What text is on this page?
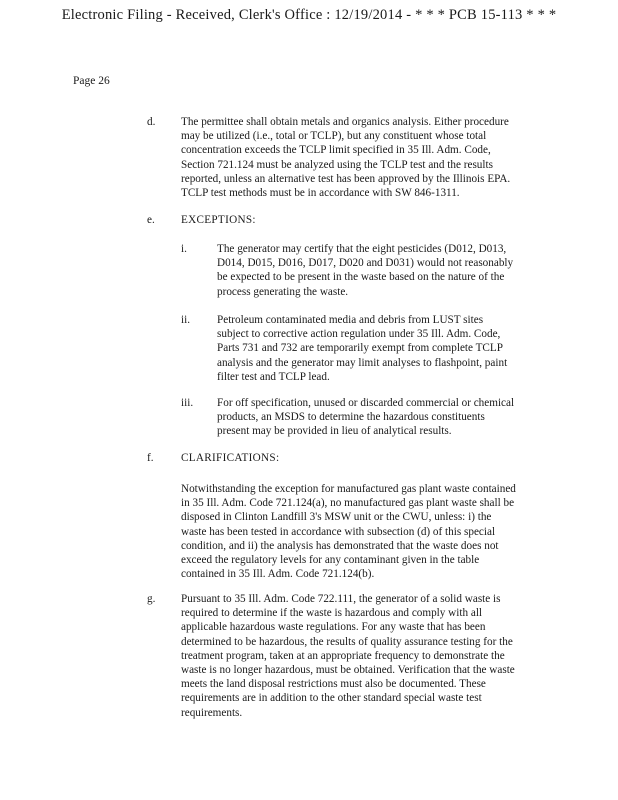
Electronic Filing - Received, Clerk's Office : 12/19/2014 - * * * PCB 15-113 * * *
Page 26
d. The permittee shall obtain metals and organics analysis. Either procedure may be utilized (i.e., total or TCLP), but any constituent whose total concentration exceeds the TCLP limit specified in 35 Ill. Adm. Code, Section 721.124 must be analyzed using the TCLP test and the results reported, unless an alternative test has been approved by the Illinois EPA. TCLP test methods must be in accordance with SW 846-1311.

e. EXCEPTIONS:
i.	The generator may certify that the eight pesticides (D012, D013, D014, D015, D016, D017, D020 and D031) would not reasonably be expected to be present in the waste based on the nature of the process generating the waste.

ii. Petroleum contaminated media and debris from LUST sites subject to corrective action regulation under 35 Ill. Adm. Code, Parts 731 and 732 are temporarily exempt from complete TCLP analysis and the generator may limit analyses to flashpoint, paint filter test and TCLP lead.

iii. For off specification, unused or discarded commercial or chemical products, an MSDS to determine the hazardous constituents present may be provided in lieu of analytical results.

f. CLARIFICATIONS:

Notwithstanding the exception for manufactured gas plant waste contained in 35 Ill. Adm. Code 721.124(a), no manufactured gas plant waste shall be disposed in Clinton Landfill 3's MSW unit or the CWU, unless: i) the waste has been tested in accordance with subsection (d) of this special condition, and ii) the analysis has demonstrated that the waste does not exceed the regulatory levels for any contaminant given in the table contained in 35 Ill. Adm. Code 721.124(b).

g. Pursuant to 35 Ill. Adm. Code 722.111, the generator of a solid waste is required to determine if the waste is hazardous and comply with all applicable hazardous waste regulations. For any waste that has been determined to be hazardous, the results of quality assurance testing for the treatment program, taken at an appropriate frequency to demonstrate the waste is no longer hazardous, must be obtained. Verification that the waste meets the land disposal restrictions must also be documented. These requirements are in addition to the other standard special waste test requirements.
